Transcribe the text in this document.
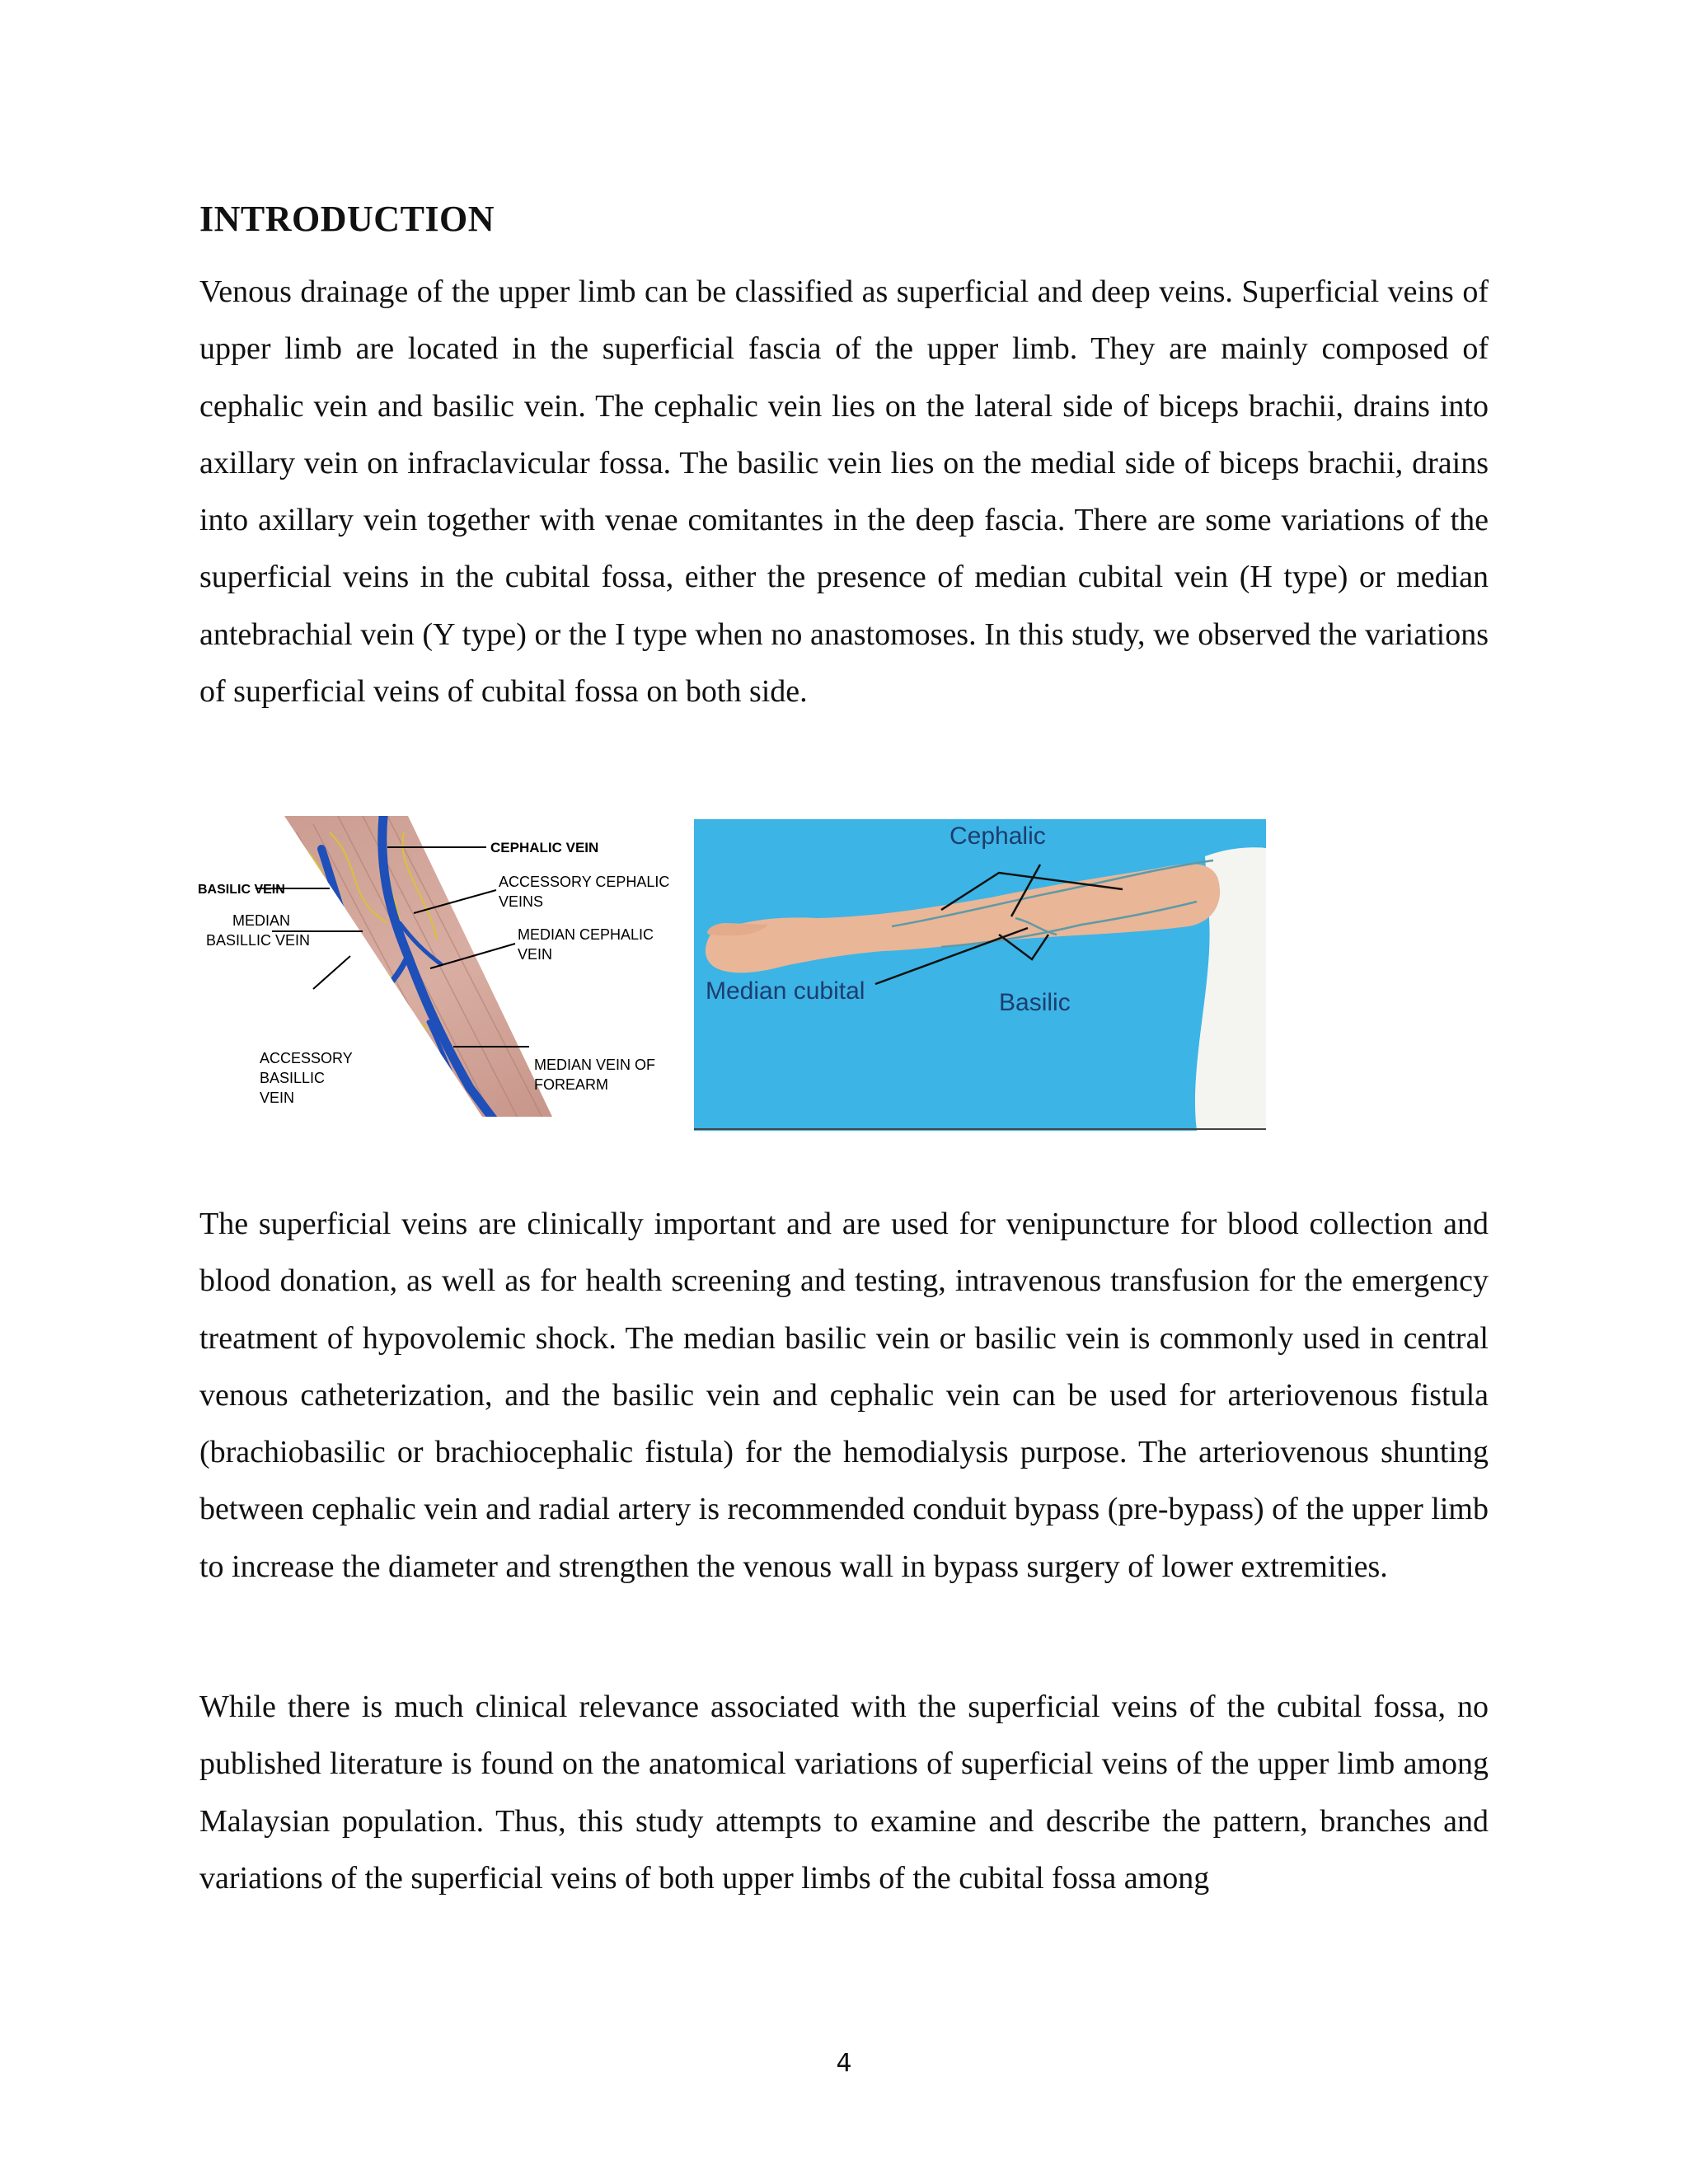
INTRODUCTION

Venous drainage of the upper limb can be classified as superficial and deep veins. Superficial veins of upper limb are located in the superficial fascia of the upper limb. They are mainly composed of cephalic vein and basilic vein. The cephalic vein lies on the lateral side of biceps brachii, drains into axillary vein on infraclavicular fossa. The basilic vein lies on the medial side of biceps brachii, drains into axillary vein together with venae comitantes in the deep fascia. There are some variations of the superficial veins in the cubital fossa, either the presence of median cubital vein (H type) or median antebrachial vein (Y type) or the I type when no anastomoses. In this study, we observed the variations of superficial veins of cubital fossa on both side.

CEPHALIC VEIN
BASILIC VEIN	ACCESSORY CEPHALIC
VEINS
MEDIAN
BASILLIC VEIN	MEDIAN CEPHALIC
VEIN
ACCESSORY
BASILLIC
VEIN
MEDIAN VEIN OF
FOREARM
Cephalic
Median cubital	Basilic

The superficial veins are clinically important and are used for venipuncture for blood collection and blood donation, as well as for health screening and testing, intravenous transfusion for the emergency treatment of hypovolemic shock. The median basilic vein or basilic vein is commonly used in central venous catheterization, and the basilic vein and cephalic vein can be used for arteriovenous fistula (brachiobasilic or brachiocephalic fistula) for the hemodialysis purpose. The arteriovenous shunting between cephalic vein and radial artery is recommended conduit bypass (pre-bypass) of the upper limb to increase the diameter and strengthen the venous wall in bypass surgery of lower extremities.

While there is much clinical relevance associated with the superficial veins of the cubital fossa, no published literature is found on the anatomical variations of superficial veins of the upper limb among Malaysian population. Thus, this study attempts to examine and describe the pattern, branches and variations of the superficial veins of both upper limbs of the cubital fossa among

4
